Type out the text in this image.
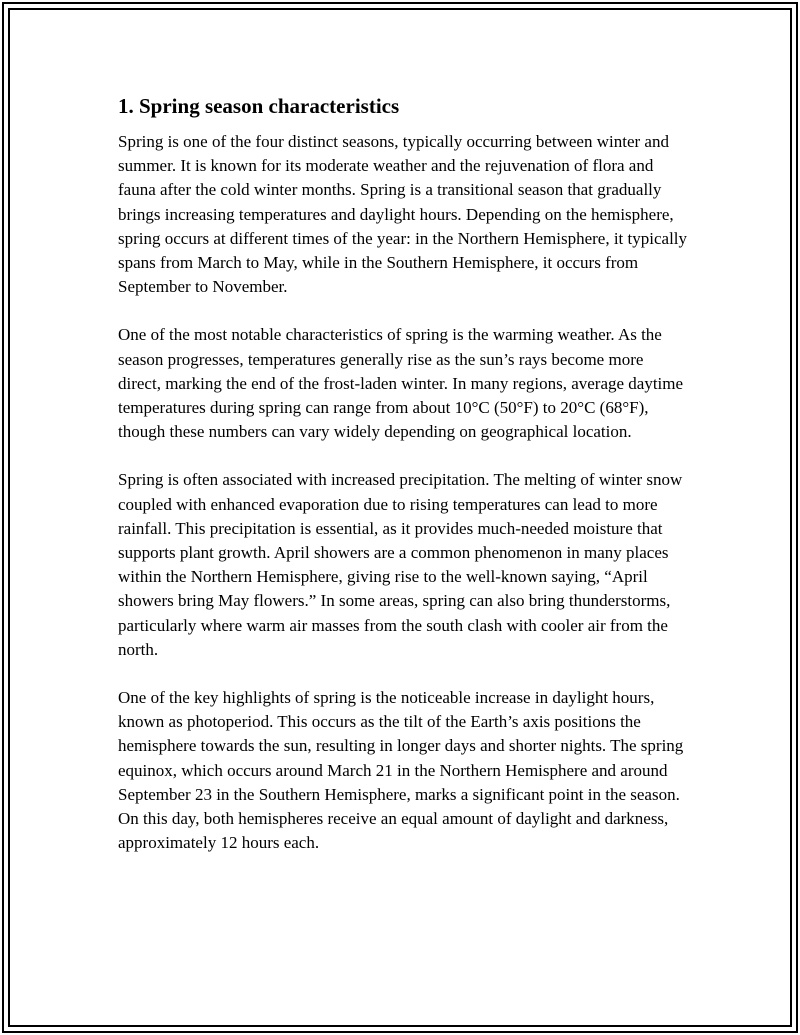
1. Spring season characteristics

Spring is one of the four distinct seasons, typically occurring between winter and summer. It is known for its moderate weather and the rejuvenation of flora and fauna after the cold winter months. Spring is a transitional season that gradually brings increasing temperatures and daylight hours. Depending on the hemisphere, spring occurs at different times of the year: in the Northern Hemisphere, it typically spans from March to May, while in the Southern Hemisphere, it occurs from September to November.

One of the most notable characteristics of spring is the warming weather. As the season progresses, temperatures generally rise as the sun’s rays become more direct, marking the end of the frost-laden winter. In many regions, average daytime temperatures during spring can range from about 10°C (50°F) to 20°C (68°F), though these numbers can vary widely depending on geographical location.

Spring is often associated with increased precipitation. The melting of winter snow coupled with enhanced evaporation due to rising temperatures can lead to more rainfall. This precipitation is essential, as it provides much-needed moisture that supports plant growth. April showers are a common phenomenon in many places within the Northern Hemisphere, giving rise to the well-known saying, “April showers bring May flowers.” In some areas, spring can also bring thunderstorms, particularly where warm air masses from the south clash with cooler air from the north.

One of the key highlights of spring is the noticeable increase in daylight hours, known as photoperiod. This occurs as the tilt of the Earth’s axis positions the hemisphere towards the sun, resulting in longer days and shorter nights. The spring equinox, which occurs around March 21 in the Northern Hemisphere and around September 23 in the Southern Hemisphere, marks a significant point in the season. On this day, both hemispheres receive an equal amount of daylight and darkness, approximately 12 hours each.
